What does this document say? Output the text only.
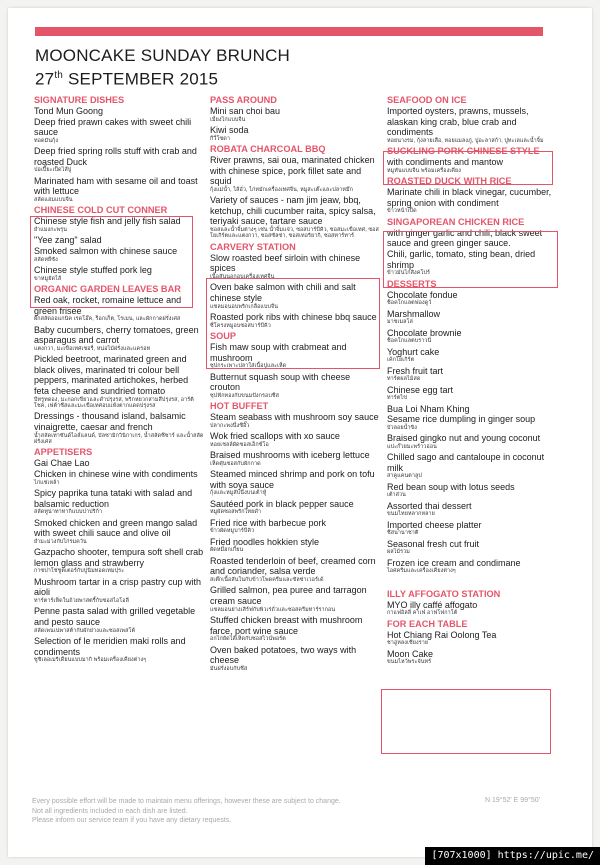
MOONCAKE SUNDAY BRUNCH
27th SEPTEMBER 2015
SIGNATURE DISHES
Tond Mun Goong
Deep fried prawn cakes with sweet chili sauce
ทอดมันกุ้ง
Deep fried spring rolls stuff with crab and roasted Duck
ปอเปี๊ยะเป็ดไส้ปู
Marinated ham with sesame oil and toast with lettuce
สลัดแฮมแบบจีน
CHINESE COLD CUT CONNER
Chinese style fish and jelly fish salad
ยำแมงกะพรุน
"Yee zang" salad
Smoked salmon with chinese sauce
สลัดหยีซัง
Chinese style stuffed pork leg
ขาหมูยัดไส้
ORGANIC GARDEN LEAVES BAR
Red oak, rocket, romaine lettuce and green frisee
ผักสลัดออแกนิค เรดโอ๊ค, ร็อกเก็ต, โรเมน, และผักกาดฝรั่งเศส
Baby cucumbers, cherry tomatoes, green asparagus and carrot
แตงกวา, มะเขือเทศเชอรี่, หน่อไม้ฝรั่งและแครอท
Pickled beetroot, marinated green and black olives, marinated tri colour bell peppers, marinated artichokes, herbed feta cheese and sundried tomato
บีทรูทดอง, มะกอกเขียวและดำปรุงรส, พริกหยวกสามสีปรุงรส, อาร์ติโชค, เฟต้าชีสและมะเขือเทศอบแห้งตากแดดปรุงรส
Dressings - thousand island, balsamic vinaigrette, caesar and french
น้ำสลัดเทาซันด์ไอส์แลนด์, บัลซามิกวินิกาเกร, น้ำสลัดซีซาร์ และน้ำสลัดฝรั่งเศส
APPETISERS
Gai Chae Lao
Chicken in chinese wine with condiments
ไก่แช่เหล้า
Spicy paprika tuna tataki with salad and balsamic reduction
สลัดทูน่าทาทากิแบบปาปริก้า
Smoked chicken and green mango salad with sweet chili sauce and olive oil
ยำมะม่วงกับไก่รมควัน
Gazpacho shooter, tempura soft shell crab lemon glass and strawberry
กาซปาโช่ชูตเตอร์กับปูนิ่มทอดเทมปุระ
Mushroom tartar in a crisp pastry cup with aioli
ทาร์ตาร์เห็ดในถ้วยพาสตรี้กับซอสไอโอลี
Penne pasta salad with grilled vegetable and pesto sauce
สลัดเพนเน่พาสต้ากับผักย่างและซอสเพสโต้
Selection of le meridien maki rolls and condiments
ซูชิเลอเมริเดียนแบบมากิ พร้อมเครื่องเคียงต่างๆ
PASS AROUND
Mini san choi bau
เมี่ยงไก่แบบจีน
Kiwi soda
กีวี่โซดา
ROBATA CHARCOAL BBQ
River prawns, sai oua, marinated chicken with chinese spice, pork fillet sate and squid
กุ้งแม่น้ำ, ไส้อั่ว, ไก่หมักเครื่องเทศจีน, หมูสะเต๊ะและปลาหมึก
Variety of sauces - nam jim jeaw, bbq, ketchup, chili cucumber raita, spicy salsa, teriyaki sauce, tartare sauce
ซอสและน้ำจิ้มต่างๆ เช่น น้ำจิ้มแจ่ว, ซอสบาร์บีคิว, ซอสมะเขือเทศ, ซอสโยเกิร์ตและแตงกวา, ซอสซัลซ่า, ซอสเทอริยากิ, ซอสทาร์ทาร์
CARVERY STATION
Slow roasted beef sirloin with chinese spices
เนื้อสันนอกอบเครื่องเทศจีน
Oven bake salmon with chili and salt chinese style
แซลมอนอบพริกเกลือแบบจีน
Roasted pork ribs with chinese bbq sauce
ซี่โครงหมูอบซอสบาร์บีคิว
SOUP
Fish maw soup with crabmeat and mushroom
ซุปกระเพาะปลาใส่เนื้อปูและเห็ด
Butternut squash soup with cheese crouton
ซุปฟักทองกับขนมปังกรอบชีส
HOT BUFFET
Steam seabass with mushroom soy sauce
ปลากะพงนึ่งซีอิ๊ว
Wok fried scallops with xo sauce
หอยเชลล์ผัดซอสเอ็กซ์โอ
Braised mushrooms with iceberg lettuce
เห็ดตุ๋นซอสกับผักกาด
Steamed minced shrimp and pork on tofu with soya sauce
กุ้งและหมูสับนึ่งบนเต้าหู้
Sautéed pork in black pepper sauce
หมูผัดซอสพริกไทยดำ
Fried rice with barbecue pork
ข้าวผัดหมูบาร์บีคิว
Fried noodles hokkien style
ผัดหมี่ฮกเกี้ยน
Roasted tenderloin of beef, creamed corn and coriander, salsa verde
สเต๊กเนื้อสันในกับข้าวโพดครีมและซัลซ่าเวอร์เด้
Grilled salmon, pea puree and tarragon cream sauce
แซลมอนย่างเสิร์ฟกับพิวเร่ถั่วและซอสครีมทาร์รากอน
Stuffed chicken breast with mushroom farce, port wine sauce
อกไก่ยัดไส้เห็ดกับซอสไวน์พอร์ต
Oven baked potatoes, two ways with cheese
มันฝรั่งอบกับชีส
SEAFOOD ON ICE
Imported oysters, prawns, mussels, alaskan king crab, blue crab and condiments
หอยนางรม, กุ้งลายเสือ, หอยแมลงภู่, ปูอะลาสก้า, ปูทะเลและน้ำจิ้ม
SUCKLING PORK CHINESE STYLE
with condiments and mantow
หมูหันแบบจีน พร้อมเครื่องเคียง
ROASTED DUCK WITH RICE
Marinate chili in black vinegar, cucumber, spring onion with condiment
ข้าวหน้าเป็ด
SINGAPOREAN CHICKEN RICE
with ginger garlic and chili, black sweet sauce and green ginger sauce.
Chili, garlic, tomato, sting bean, dried shrimp
ข้าวมันไก่สิงคโปร์
DESSERTS
Chocolate fondue
ช็อคโกแลตฟองดูว์
Marshmallow
มาชเมลโล่
Chocolate brownie
ช็อคโกแลตบราวนี่
Yoghurt cake
เค้กโยเกิร์ต
Fresh fruit tart
ทาร์ตผลไม้สด
Chinese egg tart
ทาร์ตไข่
Bua Loi Nham Khing
Sesame rice dumpling in ginger soup
บัวลอยน้ำขิง
Braised gingko nut and young coconut
แปะก๊วยมะพร้าวอ่อน
Chilled sago and cantaloupe in coconut milk
สาคูแคนตาลูป
Red bean soup with lotus seeds
เต้าส่วน
Assorted thai dessert
ขนมไทยหลากหลาย
Imported cheese platter
ชีสนานาชาติ
Seasonal fresh cut fruit
ผลไม้รวม
Frozen ice cream and condimane
ไอศครีมและเครื่องเคียงต่างๆ
ILLY AFFOGATO STATION
MYO illy caffé affogato
กาแฟอิลลี่ คาเฟ่ อาฟโฟกาโต้
FOR EACH TABLE
Hot Chiang Rai Oolong Tea
ชาอู่หลงเชียงราย
Moon Cake
ขนมไหว้พระจันทร์
Every possible effort will be made to maintain menu offerings, however these are subject to change.
Not all ingredients included in each dish are listed.
Please inform our service team if you have any dietary requests.
N 19°52' E 99°50'
[707x1000] https://upic.me/
